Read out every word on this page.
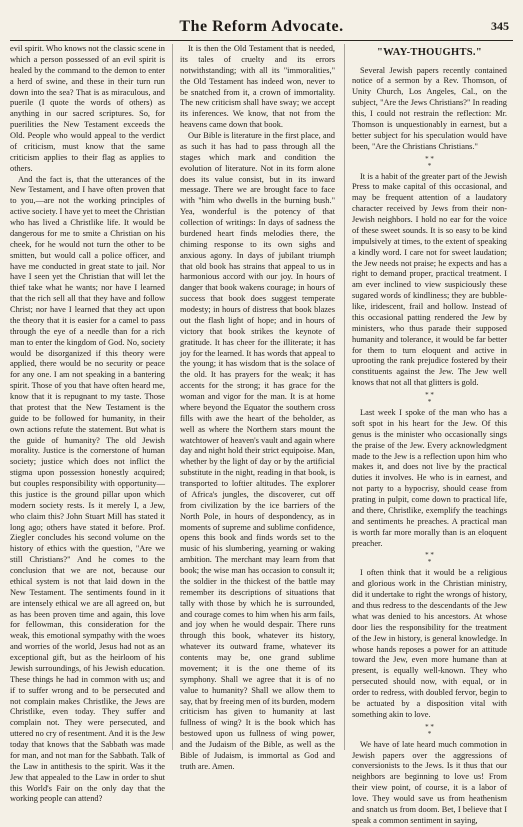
The Reform Advocate.	345

evil spirit. Who knows not the classic scene in which a person possessed of an evil spirit is healed by the command to the demon to enter a herd of swine, and these in their turn run down into the sea? That is as miraculous, and puerile (I quote the words of others) as anything in our sacred scriptures. So, for puerilities the New Testament exceeds the Old. People who would appeal to the verdict of criticism, must know that the same criticism applies to their flag as applies to others.

And the fact is, that the utterances of the New Testament, and I have often proven that to you,—are not the working principles of active society. I have yet to meet the Christian who has lived a Christlike life. It would be dangerous for me to smite a Christian on his cheek, for he would not turn the other to be smitten, but would call a police officer, and have me conducted in great state to jail. Nor have I seen yet the Christian that will let the thief take what he wants; nor have I learned that the rich sell all that they have and follow Christ; nor have I learned that they act upon the theory that it is easier for a camel to pass through the eye of a needle than for a rich man to enter the kingdom of God. No, society would be disorganized if this theory were applied, there would be no security or peace for any one. I am not speaking in a bantering spirit. Those of you that have often heard me, know that it is repugnant to my taste. Those that protest that the New Testament is the guide to be followed for humanity, in their own actions refute the statement. But what is the guide of humanity? The old Jewish morality. Justice is the cornerstone of human society; justice which does not inflict the stigma upon possession honestly acquired; but couples responsibility with opportunity—this justice is the ground pillar upon which modern society rests. Is it merely I, a Jew, who claim this? John Stuart Mill has stated it long ago; others have stated it before. Prof. Ziegler concludes his second volume on the history of ethics with the question, "Are we still Christians?" And he comes to the conclusion that we are not, because our ethical system is not that laid down in the New Testament. The sentiments found in it are intensely ethical we are all agreed on, but as has been proven time and again, this love for fellowman, this consideration for the weak, this emotional sympathy with the woes and worries of the world, Jesus had not as an exceptional gift, but as the heirloom of his Jewish surroundings, of his Jewish education. These things he had in common with us; and if to suffer wrong and to be persecuted and not complain makes Christlike, the Jews are Christlike, even today. They suffer and complain not. They were persecuted, and uttered no cry of resentment. And it is the Jew today that knows that the Sabbath was made for man, and not man for the Sabbath. Talk of the Law in antithesis to the spirit. Was it the Jew that appealed to the Law in order to shut this World's Fair on the only day that the working people can attend?

It is then the Old Testament that is needed, its tales of cruelty and its errors notwithstanding; with all its "immoralities," the Old Testament has indeed won, never to be snatched from it, a crown of immortality. The new criticism shall have sway; we accept its inferences. We know, that not from the heavens came down that book.

Our Bible is literature in the first place, and as such it has had to pass through all the stages which mark and condition the evolution of literature. Not in its form alone does its value consist, but in its inward message. There we are brought face to face with "him who dwells in the burning bush." Yea, wonderful is the potency of that collection of writings: In days of sadness the burdened heart finds melodies there, the chiming response to its own sighs and anxious agony. In days of jubilant triumph that old book has strains that appeal to us in harmonious accord with our joy. In hours of danger that book wakens courage; in hours of success that book does suggest temperate modesty; in hours of distress that book blazes out the flash light of hope; and in hours of victory that book strikes the keynote of gratitude. It has cheer for the illiterate; it has joy for the learned. It has words that appeal to the young; it has wisdom that is the solace of the old. It has prayers for the weak; it has accents for the strong; it has grace for the woman and vigor for the man. It is at home where beyond the Equator the southern cross fills with awe the heart of the beholder, as well as where the Northern stars mount the watchtower of heaven's vault and again where day and night hold their strict equipoise. Man, whether by the light of day or by the artificial substitute in the night, reading in that book, is transported to loftier altitudes. The explorer of Africa's jungles, the discoverer, cut off from civilization by the ice barriers of the North Pole, in hours of despondency, as in moments of supreme and sublime confidence, opens this book and finds words set to the music of his slumbering, yearning or waking ambition. The merchant may learn from that book; the wise man has occasion to consult it; the soldier in the thickest of the battle may remember its descriptions of situations that tally with those by which he is surrounded, and courage comes to him when his arm fails, and joy when he would despair. There runs through this book, whatever its history, whatever its outward frame, whatever its contents may be, one grand sublime movement; it is the one theme of its symphony. Shall we agree that it is of no value to humanity? Shall we allow them to say, that by freeing men of its burden, modern criticism has given to humanity at last fullness of wing? It is the book which has bestowed upon us fullness of wing power, and the Judaism of the Bible, as well as the Bible of Judaism, is immortal as God and truth are. Amen.

"WAY-THOUGHTS."

Several Jewish papers recently contained notice of a sermon by a Rev. Thomson, of Unity Church, Los Angeles, Cal., on the subject, "Are the Jews Christians?" In reading this, I could not restrain the reflection: Mr. Thomson is unquestionably in earnest, but a better subject for his speculation would have been, "Are the Christians Christians."

* *
*

It is a habit of the greater part of the Jewish Press to make capital of this occasional, and may be frequent attention of a laudatory character received by Jews from their non-Jewish neighbors. I hold no ear for the voice of these sweet sounds. It is so easy to be kind impulsively at times, to the extent of speaking a kindly word. I care not for sweet laudation; the Jew needs not praise; he expects and has a right to demand proper, practical treatment. I am ever inclined to view suspiciously these sugared words of kindliness; they are bubble-like, iridescent, frail and hollow. Instead of this occasional patting rendered the Jew by ministers, who thus parade their supposed humanity and tolerance, it would be far better for them to turn eloquent and active in uprooting the rank prejudice fostered by their constituents against the Jew. The Jew well knows that not all that glitters is gold.

* *
*

Last week I spoke of the man who has a soft spot in his heart for the Jew. Of this genus is the minister who occasionally sings the praise of the Jew. Every acknowledgment made to the Jew is a reflection upon him who makes it, and does not live by the practical duties it involves. He who is in earnest, and not party to a hypocrisy, should cease from prating in pulpit, come down to practical life, and there, Christlike, exemplify the teachings and sentiments he preaches. A practical man is worth far more morally than is an eloquent preacher.

* *
*

I often think that it would be a religious and glorious work in the Christian ministry, did it undertake to right the wrongs of history, and thus redress to the descendants of the Jew what was denied to his ancestors. At whose door lies the responsibility for the treatment of the Jew in history, is general knowledge. In whose hands reposes a power for an attitude toward the Jew, even more humane than at present, is equally well-known. They who persecuted should now, with equal, or in order to redress, with doubled fervor, begin to be actuated by a disposition vital with something akin to love.

* *
*

We have of late heard much commotion in Jewish papers over the aggressions of conversionists to the Jews. Is it thus that our neighbors are beginning to love us! From their view point, of course, it is a labor of love. They would save us from heathenism and snatch us from doom. Bet, I believe that I speak a common sentiment in saying,
